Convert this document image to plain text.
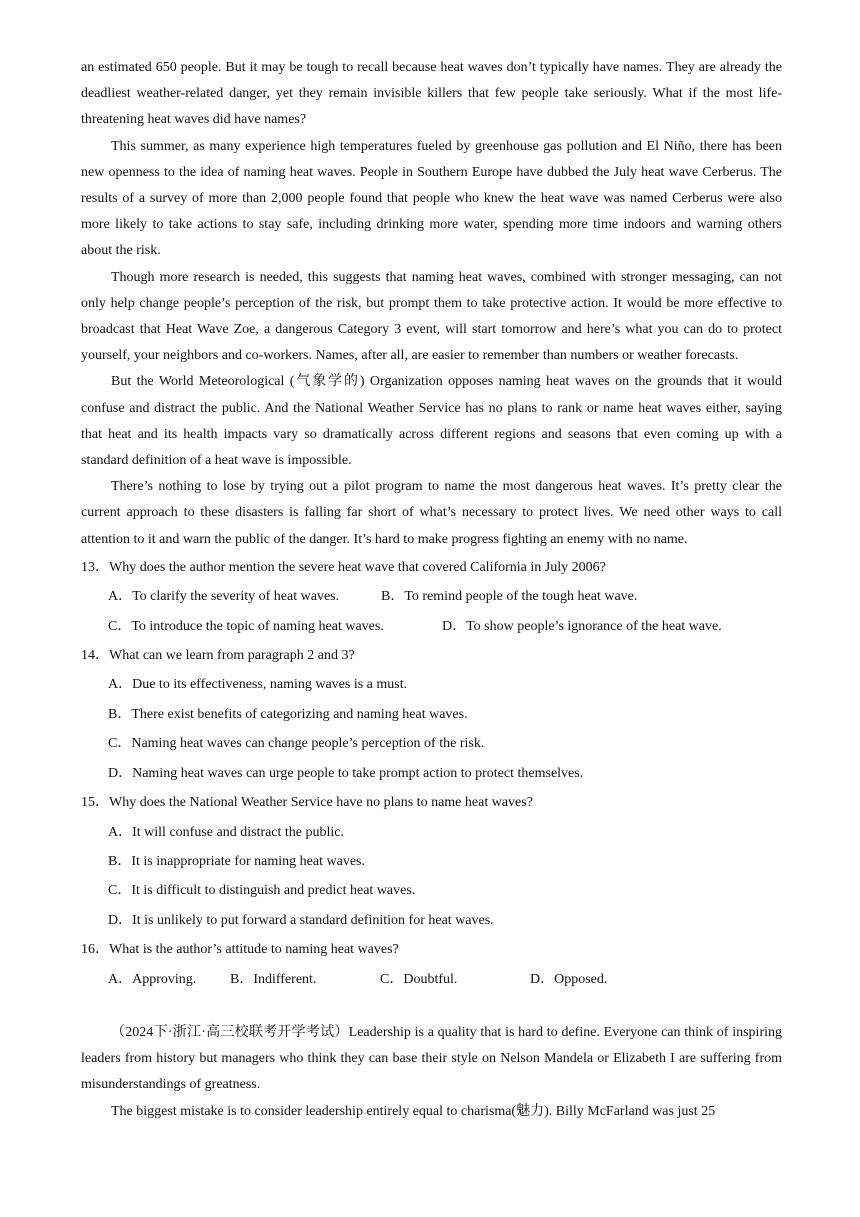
an estimated 650 people. But it may be tough to recall because heat waves don’t typically have names. They are already the deadliest weather-related danger, yet they remain invisible killers that few people take seriously. What if the most life-threatening heat waves did have names?

This summer, as many experience high temperatures fueled by greenhouse gas pollution and El Niño, there has been new openness to the idea of naming heat waves. People in Southern Europe have dubbed the July heat wave Cerberus. The results of a survey of more than 2,000 people found that people who knew the heat wave was named Cerberus were also more likely to take actions to stay safe, including drinking more water, spending more time indoors and warning others about the risk.

Though more research is needed, this suggests that naming heat waves, combined with stronger messaging, can not only help change people’s perception of the risk, but prompt them to take protective action. It would be more effective to broadcast that Heat Wave Zoe, a dangerous Category 3 event, will start tomorrow and here’s what you can do to protect yourself, your neighbors and co-workers. Names, after all, are easier to remember than numbers or weather forecasts.

But the World Meteorological (气象学的) Organization opposes naming heat waves on the grounds that it would confuse and distract the public. And the National Weather Service has no plans to rank or name heat waves either, saying that heat and its health impacts vary so dramatically across different regions and seasons that even coming up with a standard definition of a heat wave is impossible.

There’s nothing to lose by trying out a pilot program to name the most dangerous heat waves. It’s pretty clear the current approach to these disasters is falling far short of what’s necessary to protect lives. We need other ways to call attention to it and warn the public of the danger. It’s hard to make progress fighting an enemy with no name.

13．Why does the author mention the severe heat wave that covered California in July 2006?

A．To clarify the severity of heat waves.	B．To remind people of the tough heat wave.

C．To introduce the topic of naming heat waves.	D．To show people’s ignorance of the heat wave.

14．What can we learn from paragraph 2 and 3?

A．Due to its effectiveness, naming waves is a must.

B．There exist benefits of categorizing and naming heat waves.

C．Naming heat waves can change people’s perception of the risk.

D．Naming heat waves can urge people to take prompt action to protect themselves.

15．Why does the National Weather Service have no plans to name heat waves?

A．It will confuse and distract the public.

B．It is inappropriate for naming heat waves.

C．It is difficult to distinguish and predict heat waves.

D．It is unlikely to put forward a standard definition for heat waves.

16．What is the author’s attitude to naming heat waves?

A．Approving. B．Indifferent.	C．Doubtful.	D．Opposed.

（2024下·浙江·高三校联考开学考试）Leadership is a quality that is hard to define. Everyone can think of inspiring leaders from history but managers who think they can base their style on Nelson Mandela or Elizabeth I are suffering from misunderstandings of greatness.

The biggest mistake is to consider leadership entirely equal to charisma(魅力). Billy McFarland was just 25
